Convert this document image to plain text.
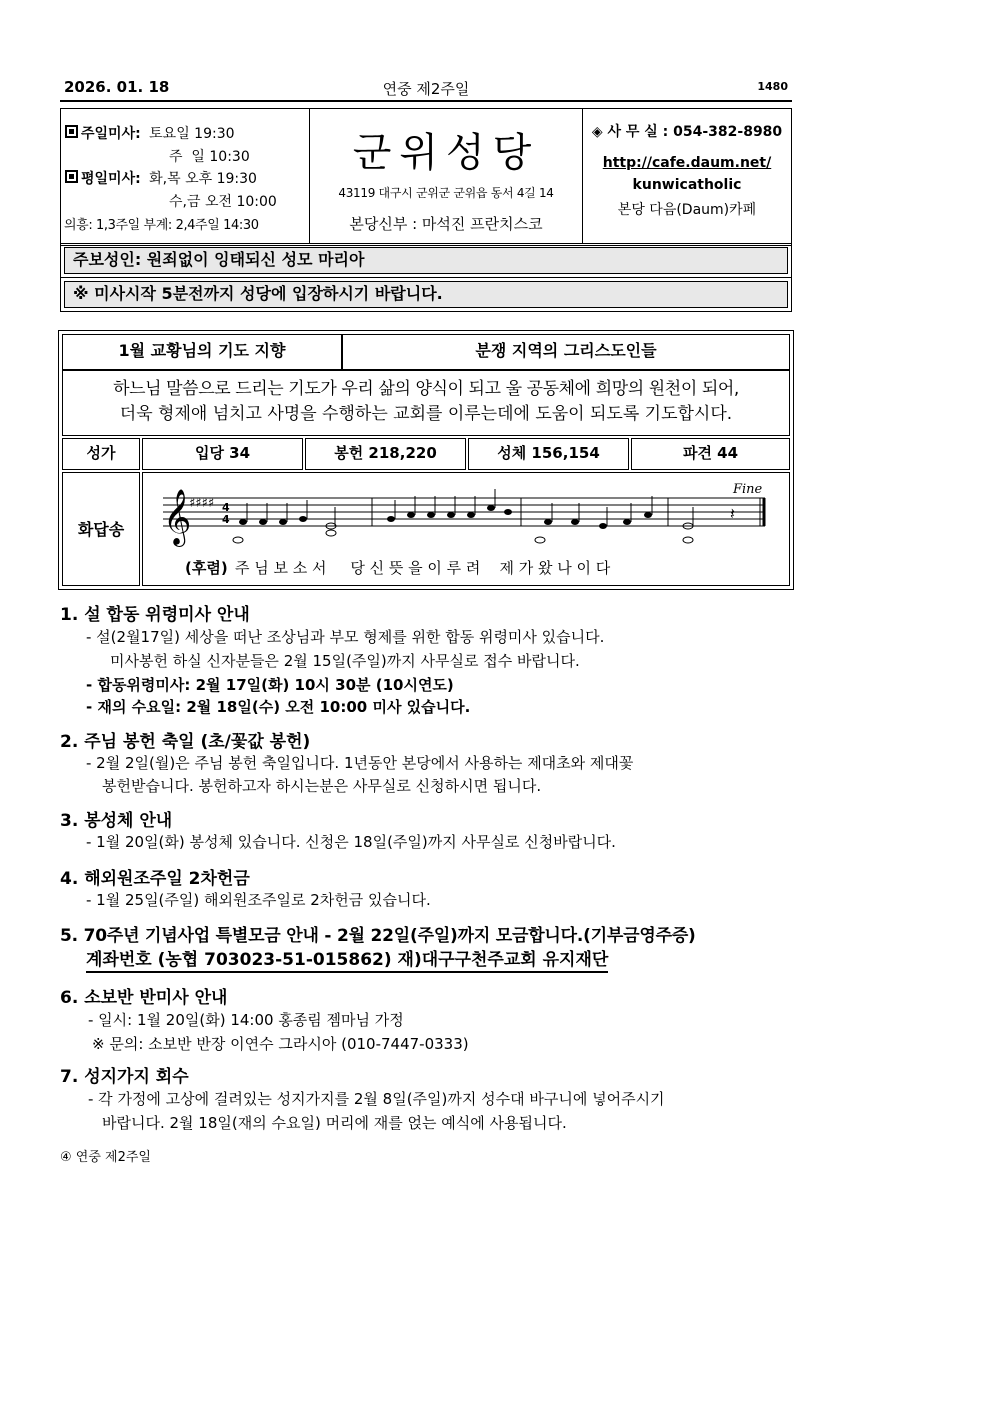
2026. 01. 18	연중 제2주일	1480
주일미사: 토요일 19:30
주  일 10:30
평일미사: 화,목 오후 19:30
수,금 오전 10:00
의흥: 1,3주일 부계: 2,4주일 14:30
군위성당
43119 대구시 군위군 군위읍 동서 4길 14
본당신부 : 마석진 프란치스코
◈ 사 무 실 : 054-382-8980
http://cafe.daum.net/
kunwicatholic
본당 다음(Daum)카페
주보성인: 원죄없이 잉태되신 성모 마리아
※ 미사시작 5분전까지 성당에 입장하시기 바랍니다.
1월 교황님의 기도 지향	분쟁 지역의 그리스도인들
하느님 말씀으로 드리는 기도가 우리 삶의 양식이 되고 울 공동체에 희망의 원천이 되어,
더욱 형제애 넘치고 사명을 수행하는 교회를 이루는데에 도움이 되도록 기도합시다.
성가	입당 34	봉헌 218,220	성체 156,154	파견 44
화답송 𝄞
♯♯♯♯ 4
4	𝄽
Fine
(후렴) 주 님 보 소 서     당 신 뜻 을 이 루 려    제 가 왔 나 이 다
1. 설 합동 위령미사 안내
- 설(2월17일) 세상을 떠난 조상님과 부모 형제를 위한 합동 위령미사 있습니다.
미사봉헌 하실 신자분들은 2월 15일(주일)까지 사무실로 접수 바랍니다.
- 합동위령미사: 2월 17일(화) 10시 30분 (10시연도)
- 재의 수요일: 2월 18일(수) 오전 10:00 미사 있습니다.
2. 주님 봉헌 축일 (초/꽃값 봉헌)
- 2월 2일(월)은 주님 봉헌 축일입니다. 1년동안 본당에서 사용하는 제대초와 제대꽃
봉헌받습니다. 봉헌하고자 하시는분은 사무실로 신청하시면 됩니다.
3. 봉성체 안내
- 1월 20일(화) 봉성체 있습니다. 신청은 18일(주일)까지 사무실로 신청바랍니다.
4. 해외원조주일 2차헌금
- 1월 25일(주일) 해외원조주일로 2차헌금 있습니다.
5. 70주년 기념사업 특별모금 안내 - 2월 22일(주일)까지 모금합니다.(기부금영주증)
계좌번호 (농협 703023-51-015862) 재)대구구천주교회 유지재단
6. 소보반 반미사 안내
- 일시: 1월 20일(화) 14:00 홍종림 젬마님 가정
※ 문의: 소보반 반장 이연수 그라시아 (010-7447-0333)
7. 성지가지 회수
- 각 가정에 고상에 걸려있는 성지가지를 2월 8일(주일)까지 성수대 바구니에 넣어주시기
바랍니다. 2월 18일(재의 수요일) 머리에 재를 얹는 예식에 사용됩니다.
④ 연중 제2주일
